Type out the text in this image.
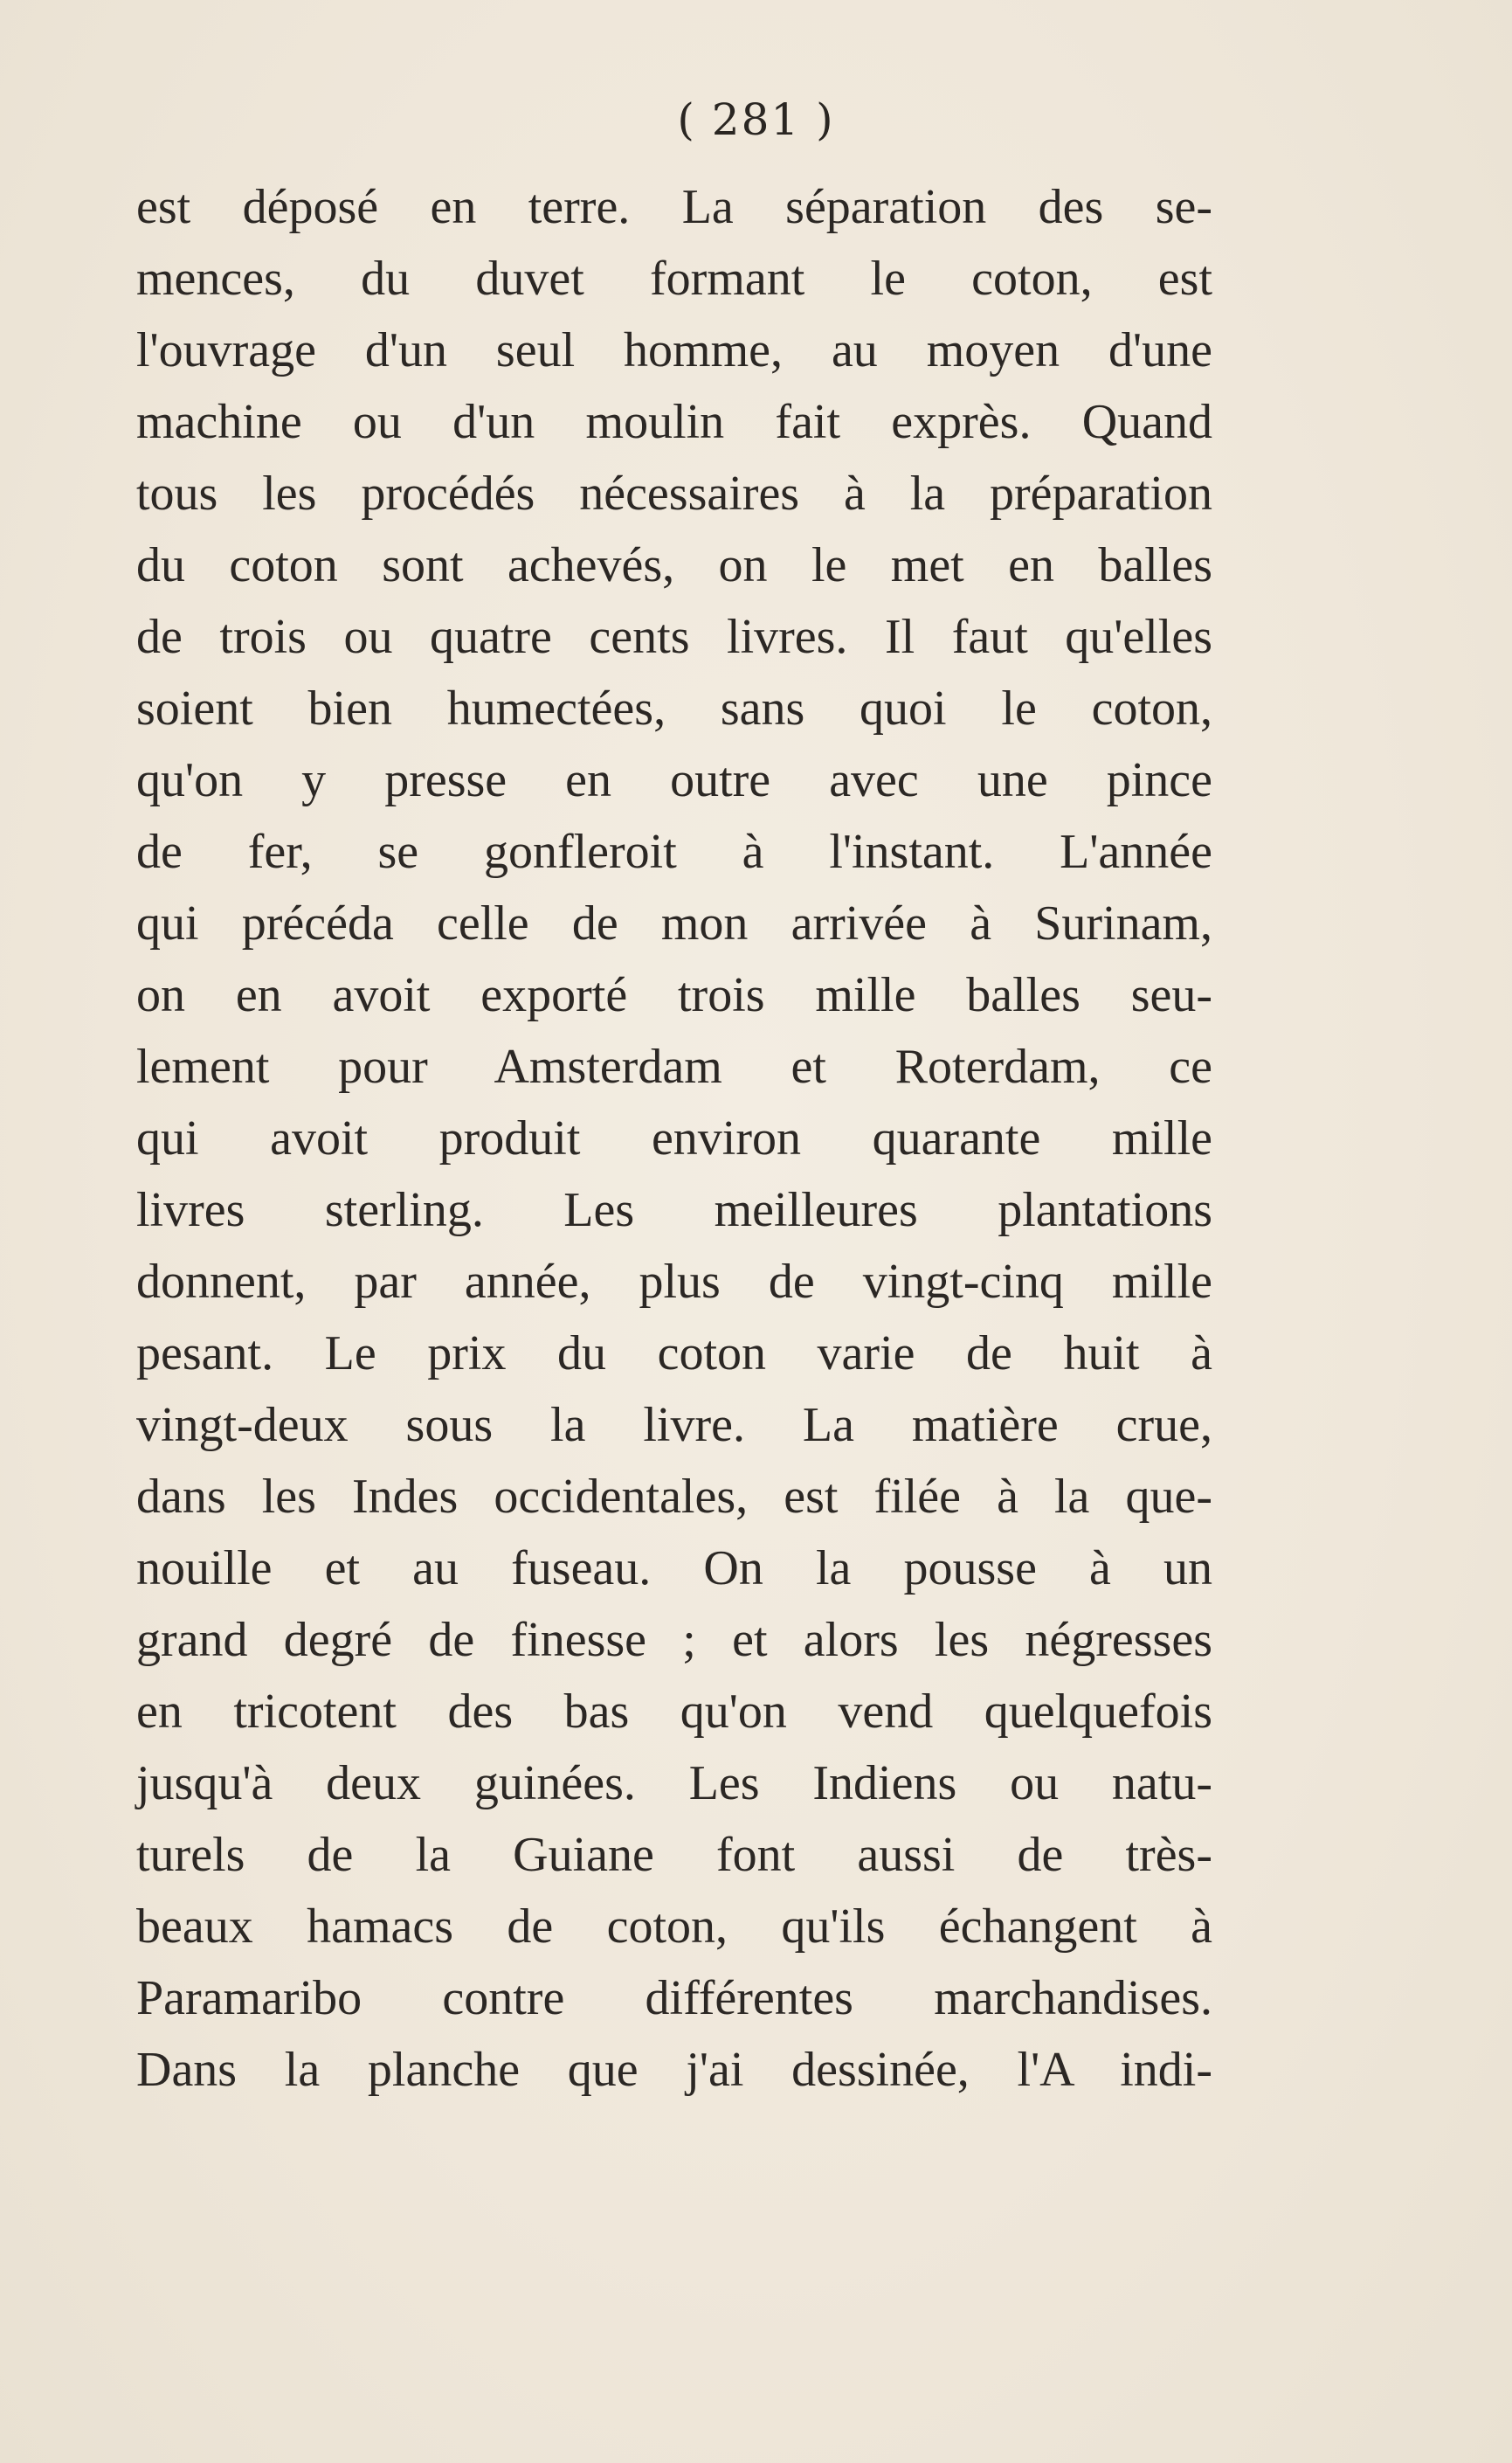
( 281 )
est déposé en terre. La séparation des se-
mences, du duvet formant le coton, est
l'ouvrage d'un seul homme, au moyen d'une
machine ou d'un moulin fait exprès. Quand
tous les procédés nécessaires à la préparation
du coton sont achevés, on le met en balles
de trois ou quatre cents livres. Il faut qu'elles
soient bien humectées, sans quoi le coton,
qu'on y presse en outre avec une pince
de fer, se gonfleroit à l'instant. L'année
qui précéda celle de mon arrivée à Surinam,
on en avoit exporté trois mille balles seu-
lement pour Amsterdam et Roterdam, ce
qui avoit produit environ quarante mille
livres sterling. Les meilleures plantations
donnent, par année, plus de vingt-cinq mille
pesant. Le prix du coton varie de huit à
vingt-deux sous la livre. La matière crue,
dans les Indes occidentales, est filée à la que-
nouille et au fuseau. On la pousse à un
grand degré de finesse ; et alors les négresses
en tricotent des bas qu'on vend quelquefois
jusqu'à deux guinées. Les Indiens ou natu-
turels de la Guiane font aussi de très-
beaux hamacs de coton, qu'ils échangent à
Paramaribo contre différentes marchandises.
Dans la planche que j'ai dessinée, l'A indi-
